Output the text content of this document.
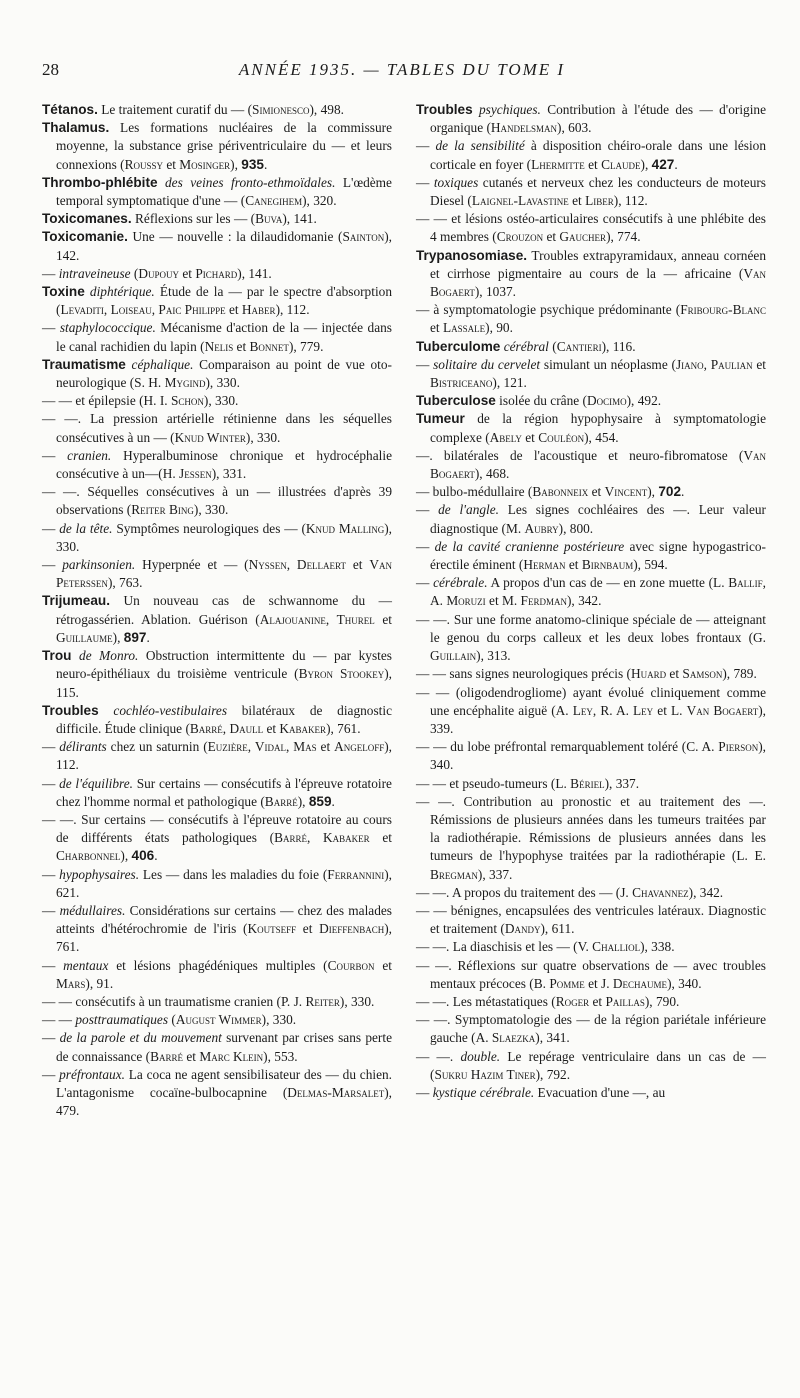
28	ANNÉE 1935. — TABLES DU TOME I

Tétanos. Le traitement curatif du — (Simionesco), 498.

Thalamus. Les formations nucléaires de la commissure moyenne, la substance grise périventriculaire du — et leurs connexions (Roussy et Mosinger), 935.

Thrombo-phlébite des veines fronto-ethmoïdales. L'œdème temporal symptomatique d'une — (Canegihem), 320.

Toxicomanes. Réflexions sur les — (Buva), 141.

Toxicomanie. Une — nouvelle : la dilaudidomanie (Sainton), 142.

— intraveineuse (Dupouy et Pichard), 141.

Toxine diphtérique. Étude de la — par le spectre d'absorption (Levaditi, Loiseau, Paic Philippe et Haber), 112.

— staphylococcique. Mécanisme d'action de la — injectée dans le canal rachidien du lapin (Nelis et Bonnet), 779.

Traumatisme céphalique. Comparaison au point de vue oto-neurologique (S. H. Mygind), 330.

— — et épilepsie (H. I. Schon), 330.

— —. La pression artérielle rétinienne dans les séquelles consécutives à un — (Knud Winter), 330.

— cranien. Hyperalbuminose chronique et hydrocéphalie consécutive à un—(H. Jessen), 331.

— —. Séquelles consécutives à un — illustrées d'après 39 observations (Reiter Bing), 330.

— de la tête. Symptômes neurologiques des — (Knud Malling), 330.

— parkinsonien. Hyperpnée et — (Nyssen, Dellaert et Van Peterssen), 763.

Trijumeau. Un nouveau cas de schwannome du — rétrogassérien. Ablation. Guérison (Alajouanine, Thurel et Guillaume), 897.

Trou de Monro. Obstruction intermittente du — par kystes neuro-épithéliaux du troisième ventricule (Byron Stookey), 115.

Troubles cochléo-vestibulaires bilatéraux de diagnostic difficile. Étude clinique (Barré, Daull et Kabaker), 761.

— délirants chez un saturnin (Euzière, Vidal, Mas et Angeloff), 112.

— de l'équilibre. Sur certains — consécutifs à l'épreuve rotatoire chez l'homme normal et pathologique (Barré), 859.

— —. Sur certains — consécutifs à l'épreuve rotatoire au cours de différents états pathologiques (Barré, Kabaker et Charbonnel), 406.

— hypophysaires. Les — dans les maladies du foie (Ferrannini), 621.

— médullaires. Considérations sur certains — chez des malades atteints d'hétérochromie de l'iris (Koutseff et Dieffenbach), 761.

— mentaux et lésions phagédéniques multiples (Courbon et Mars), 91.

— — consécutifs à un traumatisme cranien (P. J. Reiter), 330.

— — posttraumatiques (August Wimmer), 330.

— de la parole et du mouvement survenant par crises sans perte de connaissance (Barré et Marc Klein), 553.

— préfrontaux. La coca ne agent sensibilisateur des — du chien. L'antagonisme cocaïne-bulbocapnine (Delmas-Marsalet), 479.

Troubles psychiques. Contribution à l'étude des — d'origine organique (Handelsman), 603.

— de la sensibilité à disposition chéiro-orale dans une lésion corticale en foyer (Lhermitte et Claude), 427.

— toxiques cutanés et nerveux chez les conducteurs de moteurs Diesel (Laignel-Lavastine et Liber), 112.

— — et lésions ostéo-articulaires consécutifs à une phlébite des 4 membres (Crouzon et Gaucher), 774.

Trypanosomiase. Troubles extrapyramidaux, anneau cornéen et cirrhose pigmentaire au cours de la — africaine (Van Bogaert), 1037.

— à symptomatologie psychique prédominante (Fribourg-Blanc et Lassale), 90.

Tuberculome cérébral (Cantieri), 116.

— solitaire du cervelet simulant un néoplasme (Jiano, Paulian et Bistriceano), 121.

Tuberculose isolée du crâne (Docimo), 492.

Tumeur de la région hypophysaire à symptomatologie complexe (Abely et Couléon), 454.

—. bilatérales de l'acoustique et neuro-fibromatose (Van Bogaert), 468.

— bulbo-médullaire (Babonneix et Vincent), 702.

— de l'angle. Les signes cochléaires des —. Leur valeur diagnostique (M. Aubry), 800.

— de la cavité cranienne postérieure avec signe hypogastrico-érectile éminent (Herman et Birnbaum), 594.

— cérébrale. A propos d'un cas de — en zone muette (L. Ballif, A. Moruzi et M. Ferdman), 342.

— —. Sur une forme anatomo-clinique spéciale de — atteignant le genou du corps calleux et les deux lobes frontaux (G. Guillain), 313.

— — sans signes neurologiques précis (Huard et Samson), 789.

— — (oligodendrogliome) ayant évolué cliniquement comme une encéphalite aiguë (A. Ley, R. A. Ley et L. Van Bogaert), 339.

— — du lobe préfrontal remarquablement toléré (C. A. Pierson), 340.

— — et pseudo-tumeurs (L. Bériel), 337.

— —. Contribution au pronostic et au traitement des —. Rémissions de plusieurs années dans les tumeurs traitées par la radiothérapie. Rémissions de plusieurs années dans les tumeurs de l'hypophyse traitées par la radiothérapie (L. E. Bregman), 337.

— —. A propos du traitement des — (J. Chavannez), 342.

— — bénignes, encapsulées des ventricules latéraux. Diagnostic et traitement (Dandy), 611.

— —. La diaschisis et les — (V. Challiol), 338.

— —. Réflexions sur quatre observations de — avec troubles mentaux précoces (B. Pomme et J. Dechaume), 340.

— —. Les métastatiques (Roger et Paillas), 790.

— —. Symptomatologie des — de la région pariétale inférieure gauche (A. Slaezka), 341.

— —. double. Le repérage ventriculaire dans un cas de — (Sukru Hazim Tiner), 792.

— kystique cérébrale. Evacuation d'une —, au
